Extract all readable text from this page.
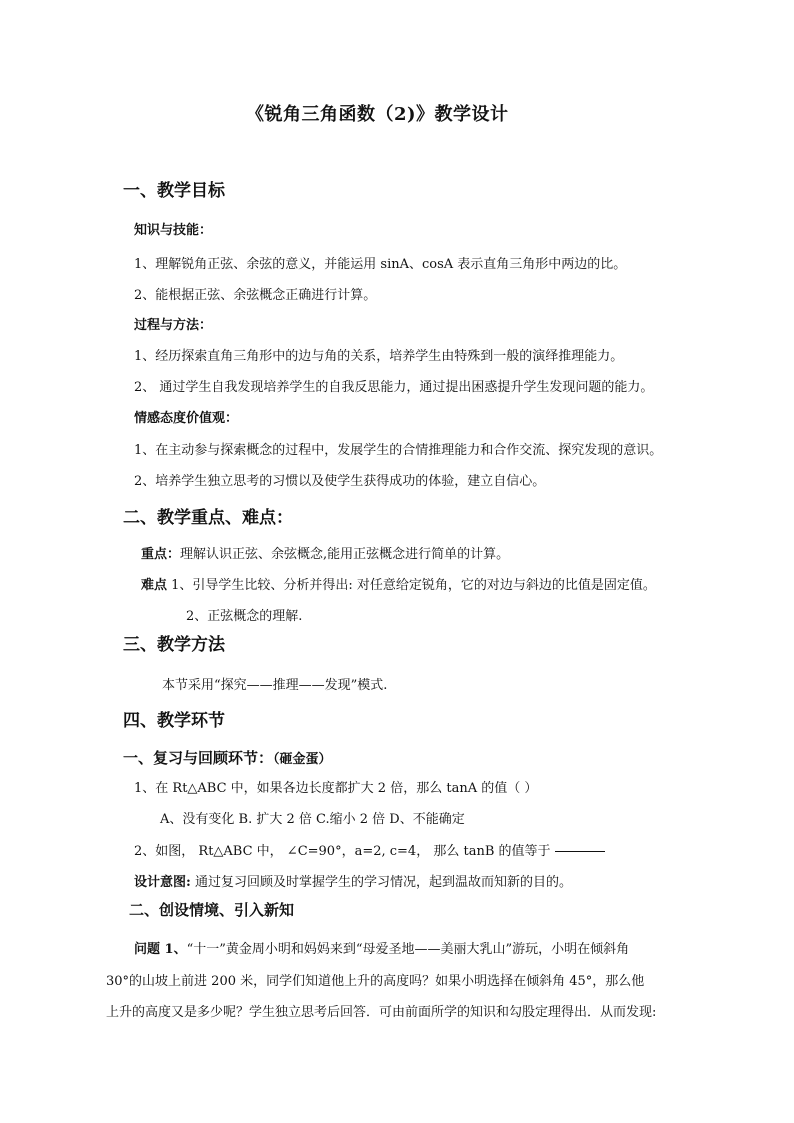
《锐角三角函数（2)》教学设计
一、教学目标
知识与技能：
1、理解锐角正弦、余弦的意义，并能运用 sinA、cosA 表示直角三角形中两边的比。
2、能根据正弦、余弦概念正确进行计算。
过程与方法：
1、经历探索直角三角形中的边与角的关系，培养学生由特殊到一般的演绎推理能力。
2、 通过学生自我发现培养学生的自我反思能力，通过提出困惑提升学生发现问题的能力。
情感态度价值观：
1、在主动参与探索概念的过程中，发展学生的合情推理能力和合作交流、探究发现的意识。
2、培养学生独立思考的习惯以及使学生获得成功的体验，建立自信心。
二、教学重点、难点：
重点：理解认识正弦、余弦概念,能用正弦概念进行简单的计算。
难点 1、引导学生比较、分析并得出: 对任意给定锐角，它的对边与斜边的比值是固定值。
2、正弦概念的理解.
三、教学方法
本节采用“探究——推理——发现”模式.
四、教学环节
一、复习与回顾环节：（砸金蛋）
1、在 Rt△ABC 中，如果各边长度都扩大 2 倍，那么 tanA 的值（ ）
A、没有变化 B. 扩大 2 倍 C.缩小 2 倍 D、不能确定
2、如图， Rt△ABC 中， ∠C=90°，a=2, c=4， 那么 tanB 的值等于
设计意图: 通过复习回顾及时掌握学生的学习情况，起到温故而知新的目的。
二、创设情境、引入新知
问题 1、“十一”黄金周小明和妈妈来到“母爱圣地——美丽大乳山”游玩，小明在倾斜角
30°的山坡上前进 200 米，同学们知道他上升的高度吗？如果小明选择在倾斜角 45°，那么他
上升的高度又是多少呢？学生独立思考后回答．可由前面所学的知识和勾股定理得出．从而发现:
